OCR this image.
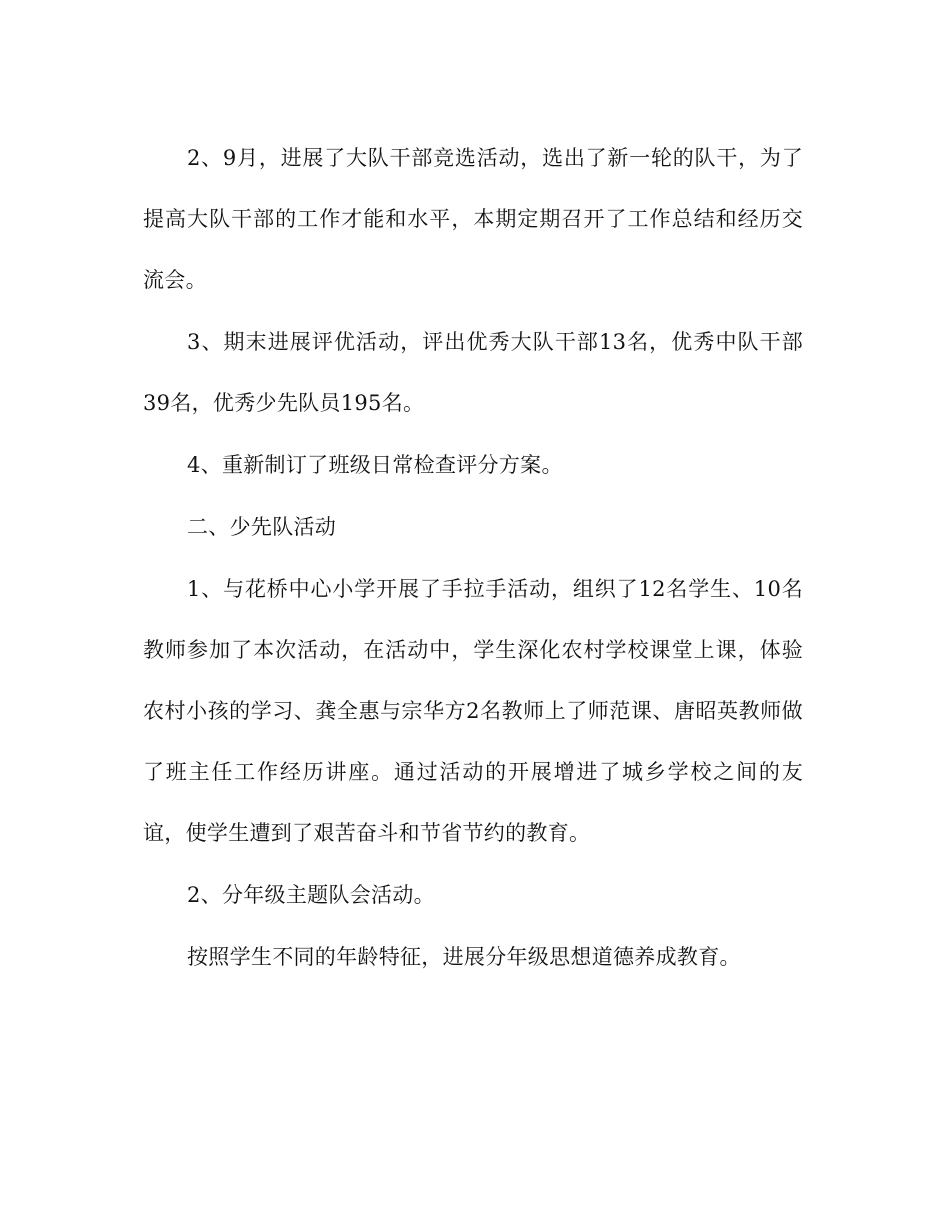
2、9月，进展了大队干部竞选活动，选出了新一轮的队干，为了提高大队干部的工作才能和水平，本期定期召开了工作总结和经历交流会。

3、期末进展评优活动，评出优秀大队干部13名，优秀中队干部39名，优秀少先队员195名。

4、重新制订了班级日常检查评分方案。

二、少先队活动

1、与花桥中心小学开展了手拉手活动，组织了12名学生、10名教师参加了本次活动，在活动中，学生深化农村学校课堂上课，体验农村小孩的学习、龚全惠与宗华方2名教师上了师范课、唐昭英教师做了班主任工作经历讲座。通过活动的开展增进了城乡学校之间的友谊，使学生遭到了艰苦奋斗和节省节约的教育。

2、分年级主题队会活动。

按照学生不同的年龄特征，进展分年级思想道德养成教育。
